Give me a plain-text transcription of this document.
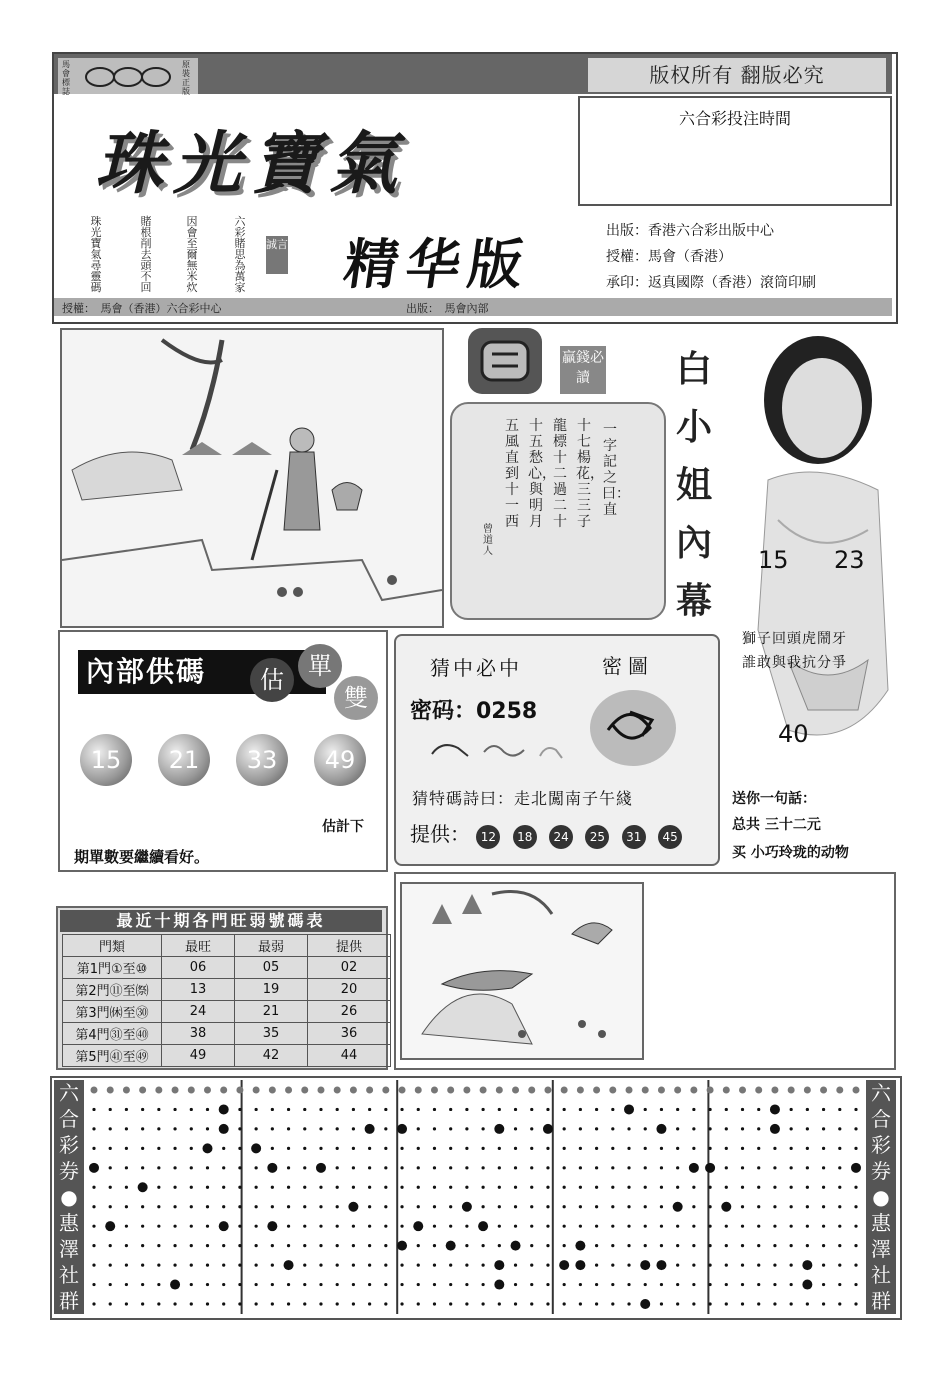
馬會標誌
原裝正版
版权所有 翻版必究
珠光寶氣
珠光寶氣尋靈碼
賭根削去頭不回
因會至爾無米炊
六彩賭思為萬家
誠言 精华版
六合彩投注時間
出版：香港六合彩出版中心
授權：馬會（香港）
承印：返真國際（香港）滾筒印刷
授權：　馬會（香港）六合彩中心	出版：　馬會內部
贏錢必讀
一字記之曰：直
十七楊花，三三子
龍標十二過二十
十五愁心，與明月
五風直到十一西
曾道人
白小姐內幕
15 23
40
獅子回頭虎鬧牙
誰敢與我抗分爭
送你一句話：
总共 三十二元
买 小巧玲珑的动物
內部供碼	估	單
雙
15	21	33	49
估計下
期單數要繼續看好。
猜中必中	密圖
密码：0258
猜特碼詩曰：走北闖南子午綫
提供： 12 18 24 25 31 45
最近十期各門旺弱號碼表
門類	最旺	最弱	提供
第1門①至⑩	06	05	02
第2門⑪至㉀	13	19	20
第3門㉁至㉚	24	21	26
第4門㉛至㊵	38	35	36
第5門㊶至㊾	49	42	44
六合彩券●惠澤社群
六合彩券●惠澤社群
